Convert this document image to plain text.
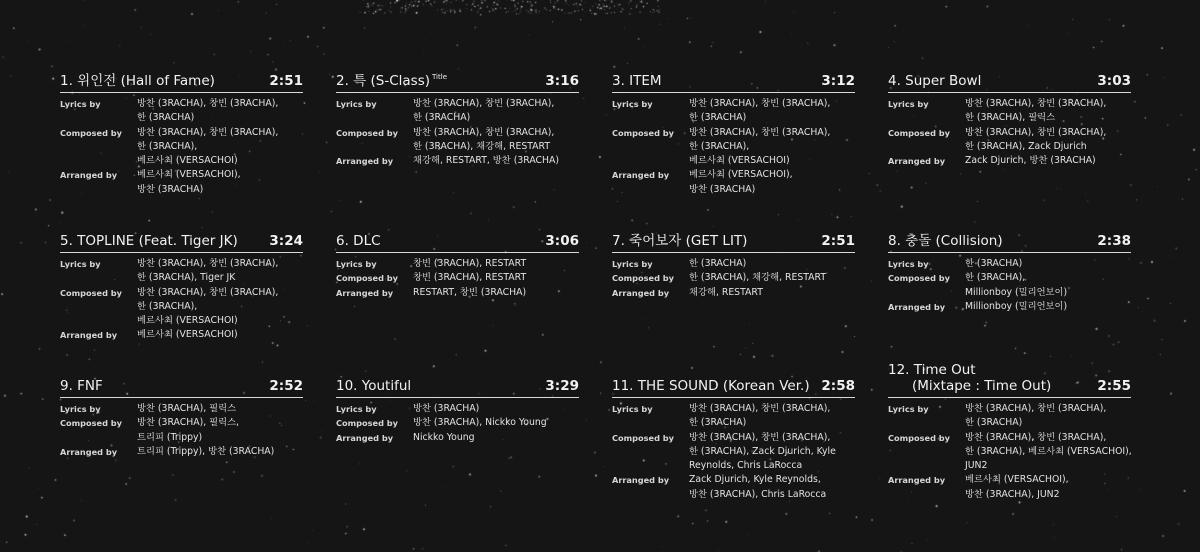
1. 위인전 (Hall of Fame)	2:51
Lyrics by	방찬 (3RACHA), 창빈 (3RACHA),
한 (3RACHA)
Composed by	방찬 (3RACHA), 창빈 (3RACHA),
한 (3RACHA),
베르사최 (VERSACHOI)
Arranged by	베르사최 (VERSACHOI),
방찬 (3RACHA)
2. 특 (S-Class) $^{Title}$	3:16
Lyrics by	방찬 (3RACHA), 창빈 (3RACHA),
한 (3RACHA)
Composed by	방찬 (3RACHA), 창빈 (3RACHA),
한 (3RACHA), 채강해, RESTART
Arranged by	채강해, RESTART, 방찬 (3RACHA)
3. ITEM	3:12
Lyrics by	방찬 (3RACHA), 창빈 (3RACHA),
한 (3RACHA)
Composed by	방찬 (3RACHA), 창빈 (3RACHA),
한 (3RACHA),
베르사최 (VERSACHOI)
Arranged by	베르사최 (VERSACHOI),
방찬 (3RACHA)
4. Super Bowl	3:03
Lyrics by	방찬 (3RACHA), 창빈 (3RACHA),
한 (3RACHA), 필릭스
Composed by	방찬 (3RACHA), 창빈 (3RACHA),
한 (3RACHA), Zack Djurich
Arranged by	Zack Djurich, 방찬 (3RACHA)
5. TOPLINE (Feat. Tiger JK) 3:24
Lyrics by	방찬 (3RACHA), 창빈 (3RACHA),
한 (3RACHA), Tiger JK
Composed by	방찬 (3RACHA), 창빈 (3RACHA),
한 (3RACHA),
베르사최 (VERSACHOI)
Arranged by	베르사최 (VERSACHOI)
6. DLC	3:06
Lyrics by	창빈 (3RACHA), RESTART
Composed by	창빈 (3RACHA), RESTART
Arranged by	RESTART, 창빈 (3RACHA)
7. 죽어보자 (GET LIT)	2:51
Lyrics by	한 (3RACHA)
Composed by	한 (3RACHA), 채강해, RESTART
Arranged by	채강해, RESTART
8. 충돌 (Collision)	2:38
Lyrics by	한 (3RACHA)
Composed by	한 (3RACHA),
Millionboy (밀리언보이)
Arranged by	Millionboy (밀리언보이)
9. FNF	2:52
Lyrics by	방찬 (3RACHA), 필릭스
Composed by	방찬 (3RACHA), 필릭스,
트리피 (Trippy)
Arranged by	트리피 (Trippy), 방찬 (3RACHA)
10. Youtiful	3:29
Lyrics by	방찬 (3RACHA)
Composed by	방찬 (3RACHA), Nickko Young
Arranged by	Nickko Young
11. THE SOUND (Korean Ver.) 2:58
Lyrics by	방찬 (3RACHA), 창빈 (3RACHA),
한 (3RACHA)
Composed by	방찬 (3RACHA), 창빈 (3RACHA),
한 (3RACHA), Zack Djurich, Kyle
Reynolds, Chris LaRocca
Arranged by	Zack Djurich, Kyle Reynolds,
방찬 (3RACHA), Chris LaRocca
12. Time Out
(Mixtape : Time Out)	2:55
Lyrics by	방찬 (3RACHA), 창빈 (3RACHA),
한 (3RACHA)
Composed by	방찬 (3RACHA), 창빈 (3RACHA),
한 (3RACHA), 베르사최 (VERSACHOI),
JUN2
Arranged by	베르사최 (VERSACHOI),
방찬 (3RACHA), JUN2
